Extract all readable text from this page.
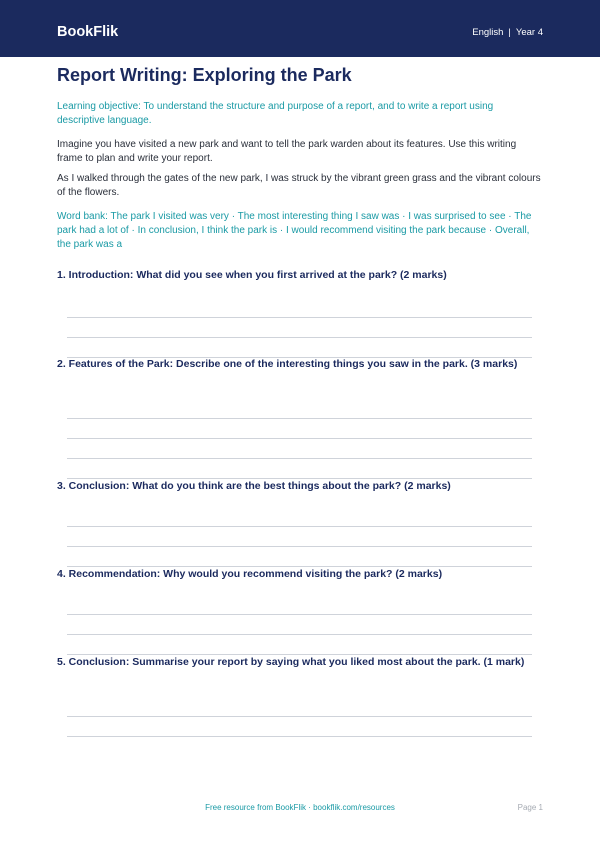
BookFlik	English | Year 4
Report Writing: Exploring the Park

Learning objective: To understand the structure and purpose of a report, and to write a report using descriptive language.

Imagine you have visited a new park and want to tell the park warden about its features. Use this writing frame to plan and write your report.

As I walked through the gates of the new park, I was struck by the vibrant green grass and the vibrant colours of the flowers.

Word bank: The park I visited was very · The most interesting thing I saw was · I was surprised to see · The park had a lot of · In conclusion, I think the park is · I would recommend visiting the park because · Overall, the park was a

1. Introduction: What did you see when you first arrived at the park? (2 marks)

2. Features of the Park: Describe one of the interesting things you saw in the park. (3 marks)

3. Conclusion: What do you think are the best things about the park? (2 marks)

4. Recommendation: Why would you recommend visiting the park? (2 marks)

5. Conclusion: Summarise your report by saying what you liked most about the park. (1 mark)

Free resource from BookFlik · bookflik.com/resources	Page 1
